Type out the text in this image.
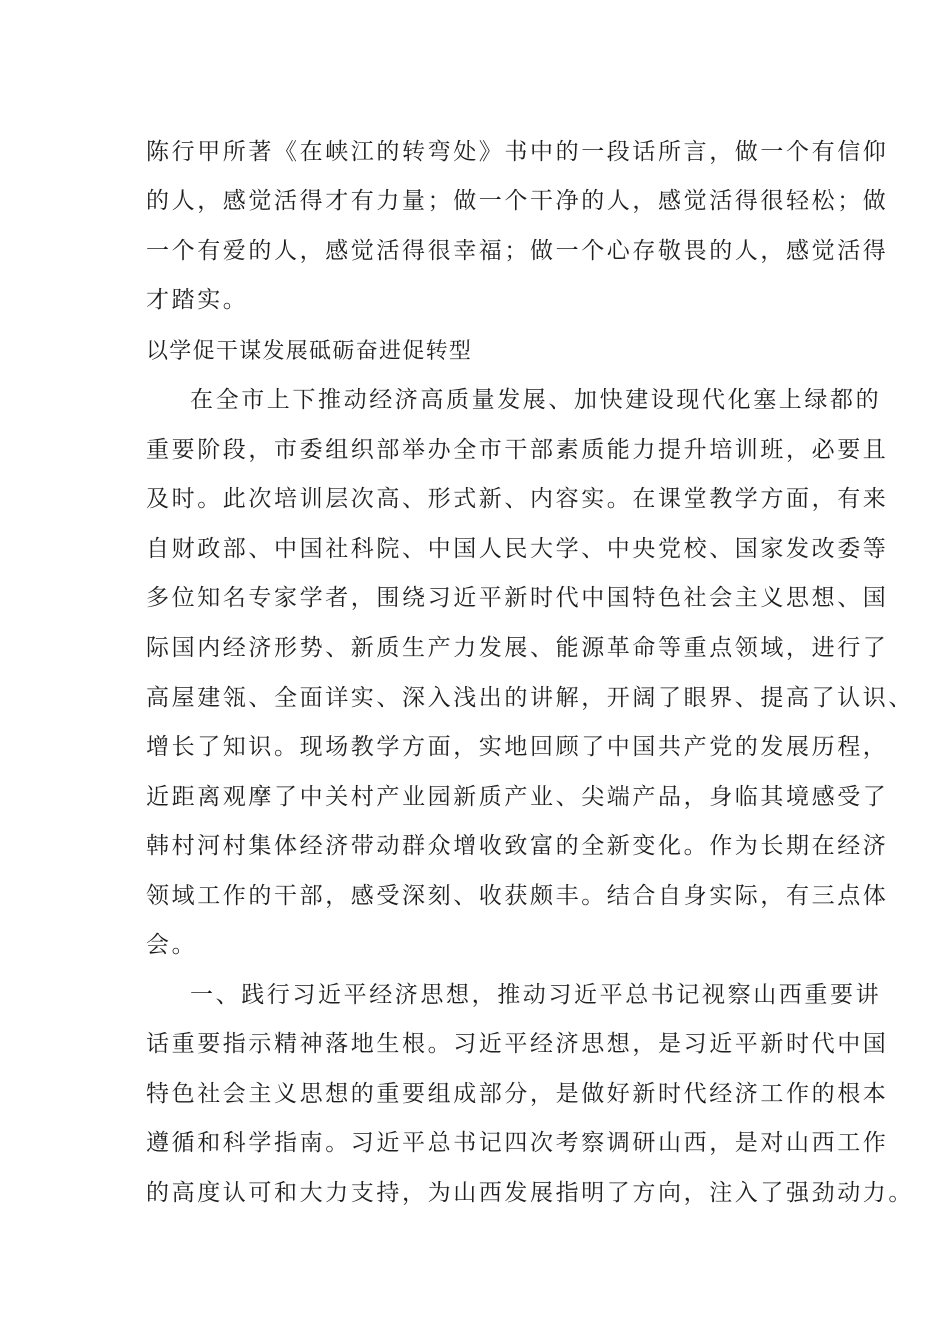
陈行甲所著《在峡江的转弯处》书中的一段话所言，做一个有信仰
的人，感觉活得才有力量；做一个干净的人，感觉活得很轻松；做
一个有爱的人，感觉活得很幸福；做一个心存敬畏的人，感觉活得
才踏实。
以学促干谋发展砥砺奋进促转型
在全市上下推动经济高质量发展、加快建设现代化塞上绿都的
重要阶段，市委组织部举办全市干部素质能力提升培训班，必要且
及时。此次培训层次高、形式新、内容实。在课堂教学方面，有来
自财政部、中国社科院、中国人民大学、中央党校、国家发改委等
多位知名专家学者，围绕习近平新时代中国特色社会主义思想、国
际国内经济形势、新质生产力发展、能源革命等重点领域，进行了
高屋建瓴、全面详实、深入浅出的讲解，开阔了眼界、提高了认识、
增长了知识。现场教学方面，实地回顾了中国共产党的发展历程，
近距离观摩了中关村产业园新质产业、尖端产品，身临其境感受了
韩村河村集体经济带动群众增收致富的全新变化。作为长期在经济
领域工作的干部，感受深刻、收获颇丰。结合自身实际，有三点体
会。
一、践行习近平经济思想，推动习近平总书记视察山西重要讲
话重要指示精神落地生根。习近平经济思想，是习近平新时代中国
特色社会主义思想的重要组成部分，是做好新时代经济工作的根本
遵循和科学指南。习近平总书记四次考察调研山西，是对山西工作
的高度认可和大力支持，为山西发展指明了方向，注入了强劲动力。
